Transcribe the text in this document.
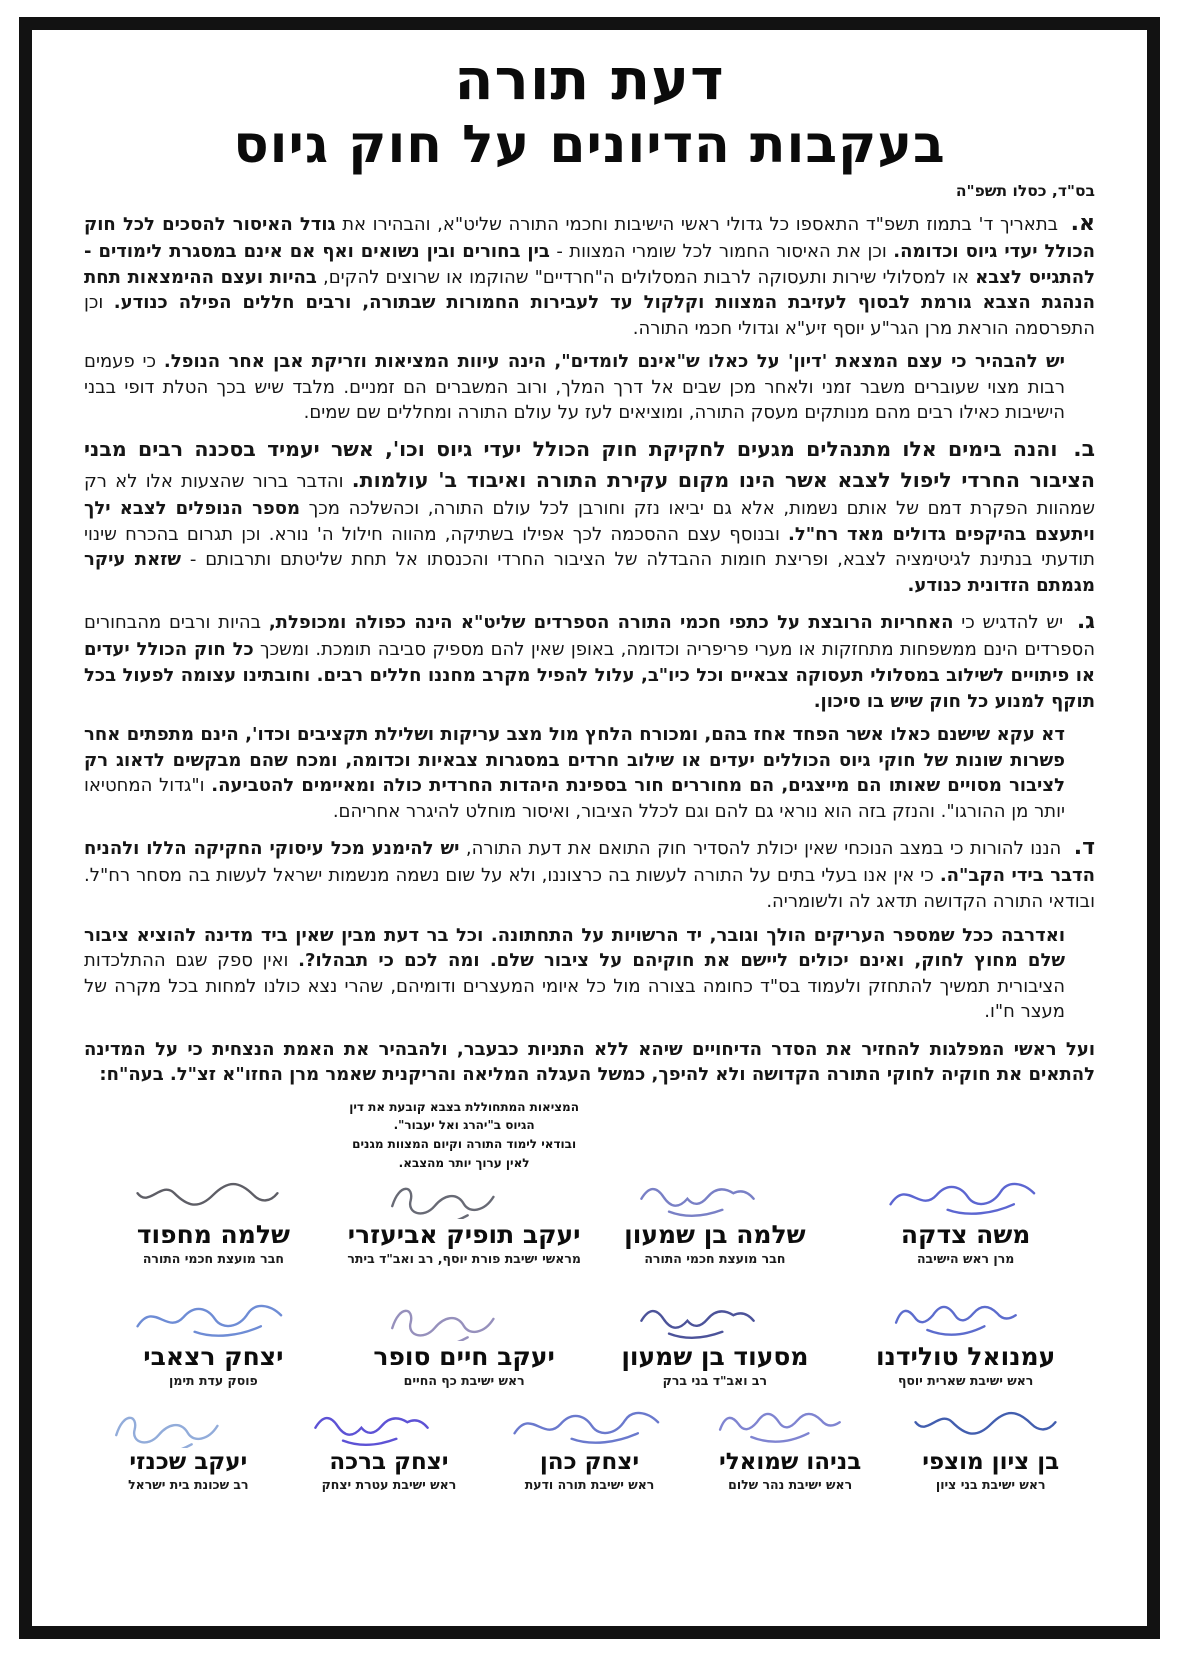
דעת תורה
בעקבות הדיונים על חוק גיוס
בס"ד, כסלו תשפ"ה

א. בתאריך ד' בתמוז תשפ"ד התאספו כל גדולי ראשי הישיבות וחכמי התורה שליט"א, והבהירו את גודל האיסור להסכים לכל חוק הכולל יעדי גיוס וכדומה. וכן את האיסור החמור לכל שומרי המצוות - בין בחורים ובין נשואים ואף אם אינם במסגרת לימודים - להתגייס לצבא או למסלולי שירות ותעסוקה לרבות המסלולים ה"חרדיים" שהוקמו או שרוצים להקים, בהיות ועצם ההימצאות תחת הנהגת הצבא גורמת לבסוף לעזיבת המצוות וקלקול עד לעבירות החמורות שבתורה, ורבים חללים הפילה כנודע. וכן התפרסמה הוראת מרן הגר"ע יוסף זיע"א וגדולי חכמי התורה.

יש להבהיר כי עצם המצאת 'דיון' על כאלו ש"אינם לומדים", הינה עיוות המציאות וזריקת אבן אחר הנופל. כי פעמים רבות מצוי שעוברים משבר זמני ולאחר מכן שבים אל דרך המלך, ורוב המשברים הם זמניים. מלבד שיש בכך הטלת דופי בבני הישיבות כאילו רבים מהם מנותקים מעסק התורה, ומוציאים לעז על עולם התורה ומחללים שם שמים.

ב. והנה בימים אלו מתנהלים מגעים לחקיקת חוק הכולל יעדי גיוס וכו', אשר יעמיד בסכנה רבים מבני הציבור החרדי ליפול לצבא אשר הינו מקום עקירת התורה ואיבוד ב' עולמות. והדבר ברור שהצעות אלו לא רק שמהוות הפקרת דמם של אותם נשמות, אלא גם יביאו נזק וחורבן לכל עולם התורה, וכהשלכה מכך מספר הנופלים לצבא ילך ויתעצם בהיקפים גדולים מאד רח"ל. ובנוסף עצם ההסכמה לכך אפילו בשתיקה, מהווה חילול ה' נורא. וכן תגרום בהכרח שינוי תודעתי בנתינת לגיטימציה לצבא, ופריצת חומות ההבדלה של הציבור החרדי והכנסתו אל תחת שליטתם ותרבותם - שזאת עיקר מגמתם הזדונית כנודע.

ג. יש להדגיש כי האחריות הרובצת על כתפי חכמי התורה הספרדים שליט"א הינה כפולה ומכופלת, בהיות ורבים מהבחורים הספרדים הינם ממשפחות מתחזקות או מערי פריפריה וכדומה, באופן שאין להם מספיק סביבה תומכת. ומשכך כל חוק הכולל יעדים או פיתויים לשילוב במסלולי תעסוקה צבאיים וכל כיו"ב, עלול להפיל מקרב מחננו חללים רבים. וחובתינו עצומה לפעול בכל תוקף למנוע כל חוק שיש בו סיכון.

דא עקא שישנם כאלו אשר הפחד אחז בהם, ומכורח הלחץ מול מצב עריקות ושלילת תקציבים וכדו', הינם מתפתים אחר פשרות שונות של חוקי גיוס הכוללים יעדים או שילוב חרדים במסגרות צבאיות וכדומה, ומכח שהם מבקשים לדאוג רק לציבור מסויים שאותו הם מייצגים, הם מחוררים חור בספינת היהדות החרדית כולה ומאיימים להטביעה. ו"גדול המחטיאו יותר מן ההורגו". והנזק בזה הוא נוראי גם להם וגם לכלל הציבור, ואיסור מוחלט להיגרר אחריהם.

ד. הננו להורות כי במצב הנוכחי שאין יכולת להסדיר חוק התואם את דעת התורה, יש להימנע מכל עיסוקי החקיקה הללו ולהניח הדבר בידי הקב"ה. כי אין אנו בעלי בתים על התורה לעשות בה כרצוננו, ולא על שום נשמה מנשמות ישראל לעשות בה מסחר רח"ל. ובודאי התורה הקדושה תדאג לה ולשומריה.

ואדרבה ככל שמספר העריקים הולך וגובר, יד הרשויות על התחתונה. וכל בר דעת מבין שאין ביד מדינה להוציא ציבור שלם מחוץ לחוק, ואינם יכולים ליישם את חוקיהם על ציבור שלם. ומה לכם כי תבהלו?. ואין ספק שגם ההתלכדות הציבורית תמשיך להתחזק ולעמוד בס"ד כחומה בצורה מול כל איומי המעצרים ודומיהם, שהרי נצא כולנו למחות בכל מקרה של מעצר ח"ו.

ועל ראשי המפלגות להחזיר את הסדר הדיחויים שיהא ללא התניות כבעבר, ולהבהיר את האמת הנצחית כי על המדינה להתאים את חוקיה לחוקי התורה הקדושה ולא להיפך, כמשל העגלה המליאה והריקנית שאמר מרן החזו"א זצ"ל. בעה"ח:

משה צדקה
מרן ראש הישיבה
שלמה בן שמעון
חבר מועצת חכמי התורה
המציאות המתחוללת בצבא קובעת את דין הגיוס ב"יהרג ואל יעבור".
ובודאי לימוד התורה וקיום המצוות מגנים לאין ערוך יותר מהצבא.
יעקב תופיק אביעזרי
מראשי ישיבת פורת יוסף, רב ואב"ד ביתר
שלמה מחפוד
חבר מועצת חכמי התורה
עמנואל טולידנו
ראש ישיבת שארית יוסף
מסעוד בן שמעון
רב ואב"ד בני ברק
יעקב חיים סופר
ראש ישיבת כף החיים
יצחק רצאבי
פוסק עדת תימן
בן ציון מוצפי
ראש ישיבת בני ציון
בניהו שמואלי
ראש ישיבת נהר שלום
יצחק כהן
ראש ישיבת תורה ודעת
יצחק ברכה
ראש ישיבת עטרת יצחק
יעקב שכנזי
רב שכונת בית ישראל
